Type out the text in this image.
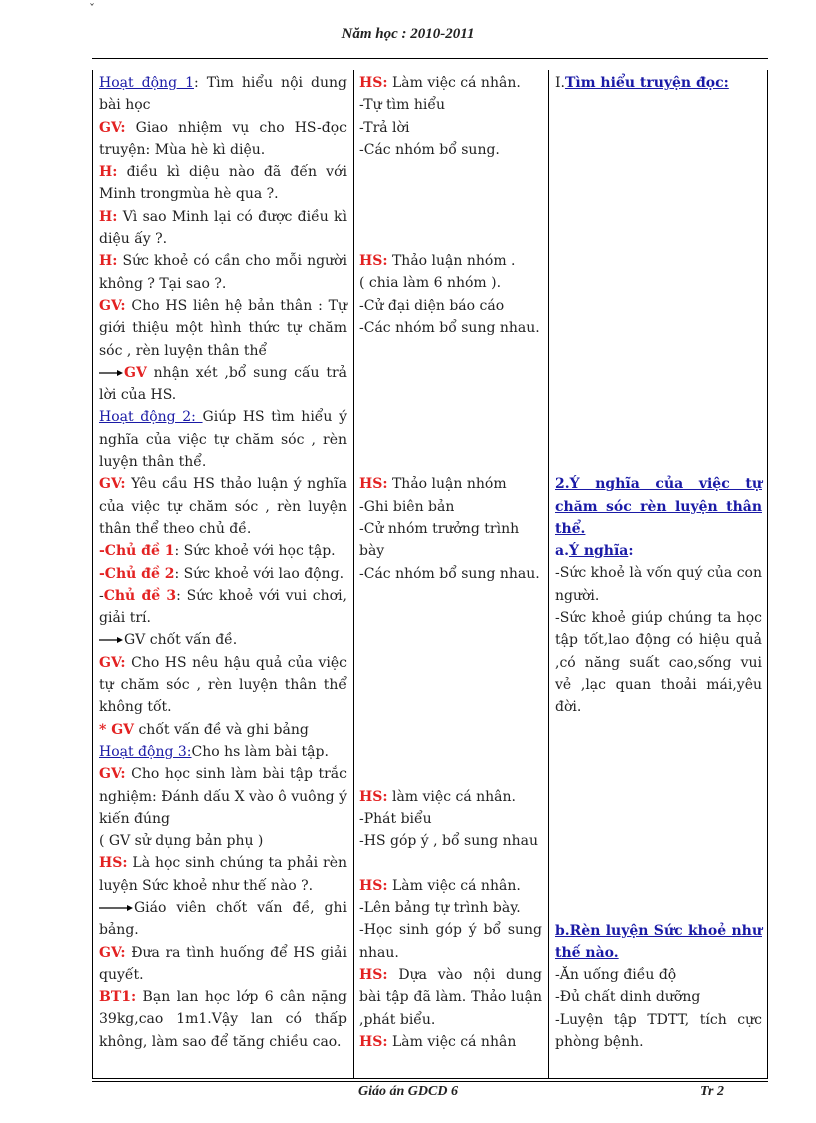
ˇ
Năm học : 2010-2011

Hoạt động 1: Tìm hiểu nội dung bài học

GV: Giao nhiệm vụ cho HS-đọc truyện: Mùa hè kì diệu.

H: điều kì diệu nào đã đến với Minh trongmùa hè qua ?.

H: Vì sao Minh lại có được điều kì diệu ấy ?.

H: Sức khoẻ có cần cho mỗi người không ? Tại sao ?.

GV: Cho HS liên hệ bản thân : Tự giới thiệu một hình thức tự chăm sóc , rèn luyện thân thể

GV nhận xét ,bổ sung cấu trả lời của HS.

Hoạt động 2: Giúp HS tìm hiểu ý nghĩa của việc tự chăm sóc , rèn luyện thân thể.

GV: Yêu cầu HS thảo luận ý nghĩa của việc tự chăm sóc , rèn luyện thân thể theo chủ đề.

-Chủ đề 1: Sức khoẻ với học tập.

-Chủ đề 2: Sức khoẻ với lao động.

-Chủ đề 3: Sức khoẻ với vui chơi, giải trí.

GV chốt vấn đề.

GV: Cho HS nêu hậu quả của việc tự chăm sóc , rèn luyện thân thể không tốt.

* GV chốt vấn đề và ghi bảng

Hoạt động 3:Cho hs làm bài tập.

GV: Cho học sinh làm bài tập trắc nghiệm: Đánh dấu X vào ô vuông ý kiến đúng

( GV sử dụng bản phụ )

HS: Là học sinh chúng ta phải rèn luyện Sức khoẻ như thế nào ?.

Giáo viên chốt vấn đề, ghi bảng.

GV: Đưa ra tình huống để HS giải quyết.

BT1: Bạn lan học lớp 6 cân nặng 39kg,cao 1m1.Vậy lan có thấp không, làm sao để tăng chiều cao.

HS: Làm việc cá nhân.

-Tự tìm hiểu

-Trả lời

-Các nhóm bổ sung.

HS: Thảo luận nhóm .

( chia làm 6 nhóm ).

-Cử đại diện báo cáo

-Các nhóm bổ sung nhau.

HS: Thảo luận nhóm

-Ghi biên bản

-Cử nhóm trưởng trình bày

-Các nhóm bổ sung nhau.

HS: làm việc cá nhân.

-Phát biểu

-HS góp ý , bổ sung nhau

HS: Làm việc cá nhân.

-Lên bảng tự trình bày.

-Học sinh góp ý bổ sung nhau.

HS: Dựa vào nội dung bài tập đã làm. Thảo luận ,phát biểu.

HS: Làm việc cá nhân

I.Tìm hiểu truyện đọc:

2.Ý nghĩa của việc tự chăm sóc rèn luyện thân thể.

a.Ý nghĩa:

-Sức khoẻ là vốn quý của con người.

-Sức khoẻ giúp chúng ta học tập tốt,lao động có hiệu quả ,có năng suất cao,sống vui vẻ ,lạc quan thoải mái,yêu đời.

b.Rèn luyện Sức khoẻ như thế nào.

-Ăn uống điều độ

-Đủ chất dinh dưỡng

-Luyện tập TDTT, tích cực phòng bệnh.

Giáo án GDCD 6	Tr 2
